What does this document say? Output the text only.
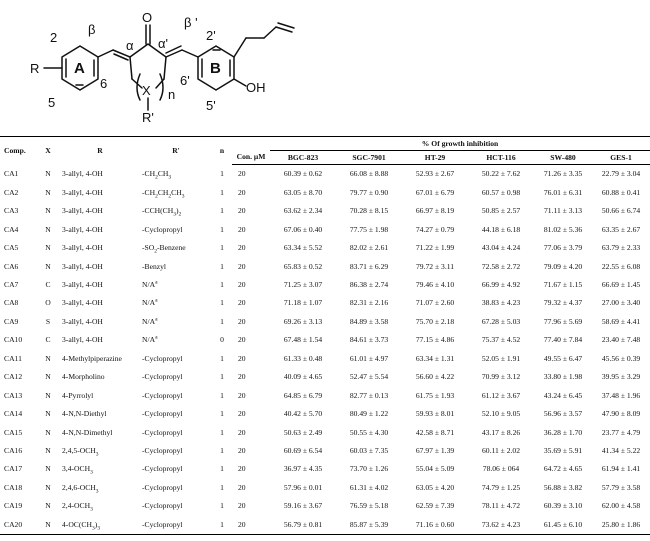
β
α α'
β '
2
6
5
2'
6'
5'
R A	B
X n
R'
O
OH
Comp.	X	R	R'	n		% Of growth inhibition					
					Con. μM	BGC-823	SGC-7901	HT-29	HCT-116	SW-480	GES-1
CA1	N	3-allyl, 4-OH	$-CH_2CH_3$	1	20	60.39 ± 0.62	66.08 ± 8.88	52.93 ± 2.67	50.22 ± 7.62	71.26 ± 3.35	22.79 ± 3.04
CA2	N	3-allyl, 4-OH	$-CH_2CH_2CH_3$	1	20	63.05 ± 8.70	79.77 ± 0.90	67.01 ± 6.79	60.57 ± 0.98	76.01 ± 6.31	60.88 ± 0.41
CA3	N	3-allyl, 4-OH	$-CCH(CH_3)_2$	1	20	63.62 ± 2.34	70.28 ± 8.15	66.97 ± 8.19	50.85 ± 2.57	71.11 ± 3.13	50.66 ± 6.74
CA4	N	3-allyl, 4-OH	-Cyclopropyl	1	20	67.06 ± 0.40	77.75 ± 1.98	74.27 ± 0.79	44.18 ± 6.18	81.02 ± 5.36	63.35 ± 2.67
CA5	N	3-allyl, 4-OH	$-SO_2$-Benzene	1	20	63.34 ± 5.52	82.02 ± 2.61	71.22 ± 1.99	43.04 ± 4.24	77.06 ± 3.79	63.79 ± 2.33
CA6	N	3-allyl, 4-OH	-Benzyl	1	20	65.83 ± 0.52	83.71 ± 6.29	79.72 ± 3.11	72.58 ± 2.72	79.09 ± 4.20	22.55 ± 6.08
CA7	C	3-allyl, 4-OH	$N/A^a$	1	20	71.25 ± 3.07	86.38 ± 2.74	79.46 ± 4.10	66.99 ± 4.92	71.67 ± 1.15	66.69 ± 1.45
CA8	O	3-allyl, 4-OH	$N/A^a$	1	20	71.18 ± 1.07	82.31 ± 2.16	71.07 ± 2.60	38.83 ± 4.23	79.32 ± 4.37	27.00 ± 3.40
CA9	S	3-allyl, 4-OH	$N/A^a$	1	20	69.26 ± 3.13	84.89 ± 3.58	75.70 ± 2.18	67.28 ± 5.03	77.96 ± 5.69	58.69 ± 4.41
CA10	C	3-allyl, 4-OH	$N/A^a$	0	20	67.48 ± 1.54	84.61 ± 3.73	77.15 ± 4.86	75.37 ± 4.52	77.40 ± 7.84	23.40 ± 7.48
CA11	N	4-Methylpiperazine	-Cyclopropyl	1	20	61.33 ± 0.48	61.01 ± 4.97	63.34 ± 1.31	52.05 ± 1.91	49.55 ± 6.47	45.56 ± 0.39
CA12	N	4-Morpholino	-Cyclopropyl	1	20	40.09 ± 4.65	52.47 ± 5.54	56.60 ± 4.22	70.99 ± 3.12	33.80 ± 1.98	39.95 ± 3.29
CA13	N	4-Pyrrolyl	-Cyclopropyl	1	20	64.85 ± 6.79	82.77 ± 0.13	61.75 ± 1.93	61.12 ± 3.67	43.24 ± 6.45	37.48 ± 1.96
CA14	N	4-N,N-Diethyl	-Cyclopropyl	1	20	40.42 ± 5.70	80.49 ± 1.22	59.93 ± 8.01	52.10 ± 9.05	56.96 ± 3.57	47.90 ± 8.09
CA15	N	4-N,N-Dimethyl	-Cyclopropyl	1	20	50.63 ± 2.49	50.55 ± 4.30	42.58 ± 8.71	43.17 ± 8.26	36.28 ± 1.70	23.77 ± 4.79
CA16	N	$2,4,5-OCH_3$	-Cyclopropyl	1	20	60.69 ± 6.54	60.03 ± 7.35	67.97 ± 1.39	60.11 ± 2.02	35.69 ± 5.91	41.34 ± 5.22
CA17	N	$3,4-OCH_3$	-Cyclopropyl	1	20	36.97 ± 4.35	73.70 ± 1.26	55.04 ± 5.09	78.06 ± 064	64.72 ± 4.65	61.94 ± 1.41
CA18	N	$2,4,6-OCH_3$	-Cyclopropyl	1	20	57.96 ± 0.01	61.31 ± 4.02	63.05 ± 4.20	74.79 ± 1.25	56.88 ± 3.82	57.79 ± 3.58
CA19	N	$2,4-OCH_3$	-Cyclopropyl	1	20	59.16 ± 3.67	76.59 ± 5.18	62.59 ± 7.39	78.11 ± 4.72	60.39 ± 3.10	62.00 ± 4.58
CA20	N	$4-OC(CH_3)_3$	-Cyclopropyl	1	20	56.79 ± 0.81	85.87 ± 5.39	71.16 ± 0.60	73.62 ± 4.23	61.45 ± 6.10	25.80 ± 1.86
